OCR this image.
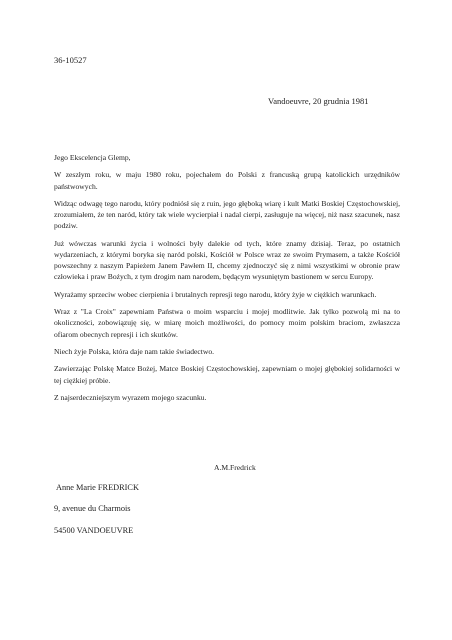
36-10527
Vandoeuvre, 20 grudnia 1981

Jego Ekscelencja Glemp,

W zeszłym roku, w maju 1980 roku, pojechałem do Polski z francuską grupą katolickich urzędników państwowych.

Widząc odwagę tego narodu, który podniósł się z ruin, jego głęboką wiarę i kult Matki Boskiej Częstochowskiej, zrozumiałem, że ten naród, który tak wiele wycierpiał i nadal cierpi, zasługuje na więcej, niż nasz szacunek, nasz podziw.

Już wówczas warunki życia i wolności były dalekie od tych, które znamy dzisiaj. Teraz, po ostatnich wydarzeniach, z którymi boryka się naród polski, Kościół w Polsce wraz ze swoim Prymasem, a także Kościół powszechny z naszym Papieżem Janem Pawłem II, chcemy zjednoczyć się z nimi wszystkimi w obronie praw człowieka i praw Bożych, z tym drogim nam narodem, będącym wysuniętym bastionem w sercu Europy.

Wyrażamy sprzeciw wobec cierpienia i brutalnych represji tego narodu, który żyje w ciężkich warunkach.

Wraz z "La Croix" zapewniam Państwa o moim wsparciu i mojej modlitwie. Jak tylko pozwolą mi na to okoliczności, zobowiązuję się, w miarę moich możliwości, do pomocy moim polskim braciom, zwłaszcza ofiarom obecnych represji i ich skutków.

Niech żyje Polska, która daje nam takie świadectwo.

Zawierzając Polskę Matce Bożej, Matce Boskiej Częstochowskiej, zapewniam o mojej głębokiej solidarności w tej ciężkiej próbie.

Z najserdeczniejszym wyrazem mojego szacunku.

A.M.Fredrick
Anne Marie FREDRICK
9, avenue du Charmois
54500 VANDOEUVRE
